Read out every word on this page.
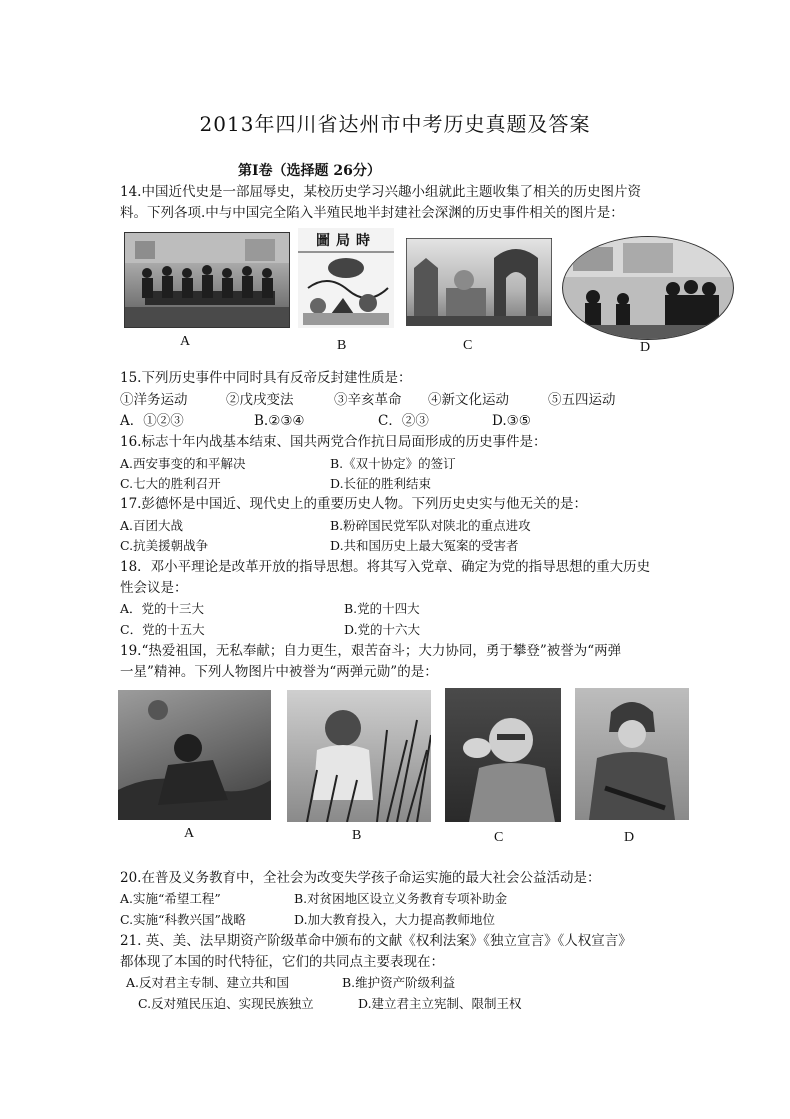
2013年四川省达州市中考历史真题及答案
第Ⅰ卷（选择题 26分）
14.中国近代史是一部屈辱史，某校历史学习兴趣小组就此主题收集了相关的历史图片资
料。下列各项.中与中国完全陷入半殖民地半封建社会深渊的历史事件相关的图片是：
A
圖局時
B	C	D
15.下列历史事件中同时具有反帝反封建性质是：
①洋务运动	②戊戌变法	③辛亥革命 ④新文化运动	⑤五四运动
A．①②③	B.②③④	C．②③	D.③⑤
16.标志十年内战基本结束、国共两党合作抗日局面形成的历史事件是：
A.西安事变的和平解决	B.《双十协定》的签订
C.七大的胜利召开	D.长征的胜利结束
17.彭德怀是中国近、现代史上的重要历史人物。下列历史史实与他无关的是：
A.百团大战	B.粉碎国民党军队对陕北的重点进攻
C.抗美援朝战争	D.共和国历史上最大冤案的受害者
18．邓小平理论是改革开放的指导思想。将其写入党章、确定为党的指导思想的重大历史
性会议是：
A．党的十三大	B.党的十四大
C．党的十五大	D.党的十六大
19.“热爱祖国，无私奉献；自力更生，艰苦奋斗；大力协同，勇于攀登”被誉为“两弹
一星”精神。下列人物图片中被誉为“两弹元勋”的是：
A	B	C	D
20.在普及义务教育中，全社会为改变失学孩子命运实施的最大社会公益活动是：
A.实施“希望工程”	B.对贫困地区设立义务教育专项补助金
C.实施“科教兴国”战略	D.加大教育投入，大力提高教师地位
21. 英、美、法早期资产阶级革命中颁布的文献《权利法案》《独立宣言》《人权宣言》
都体现了本国的时代特征，它们的共同点主要表现在：
A.反对君主专制、建立共和国	B.维护资产阶级利益
C.反对殖民压迫、实现民族独立	D.建立君主立宪制、限制王权
